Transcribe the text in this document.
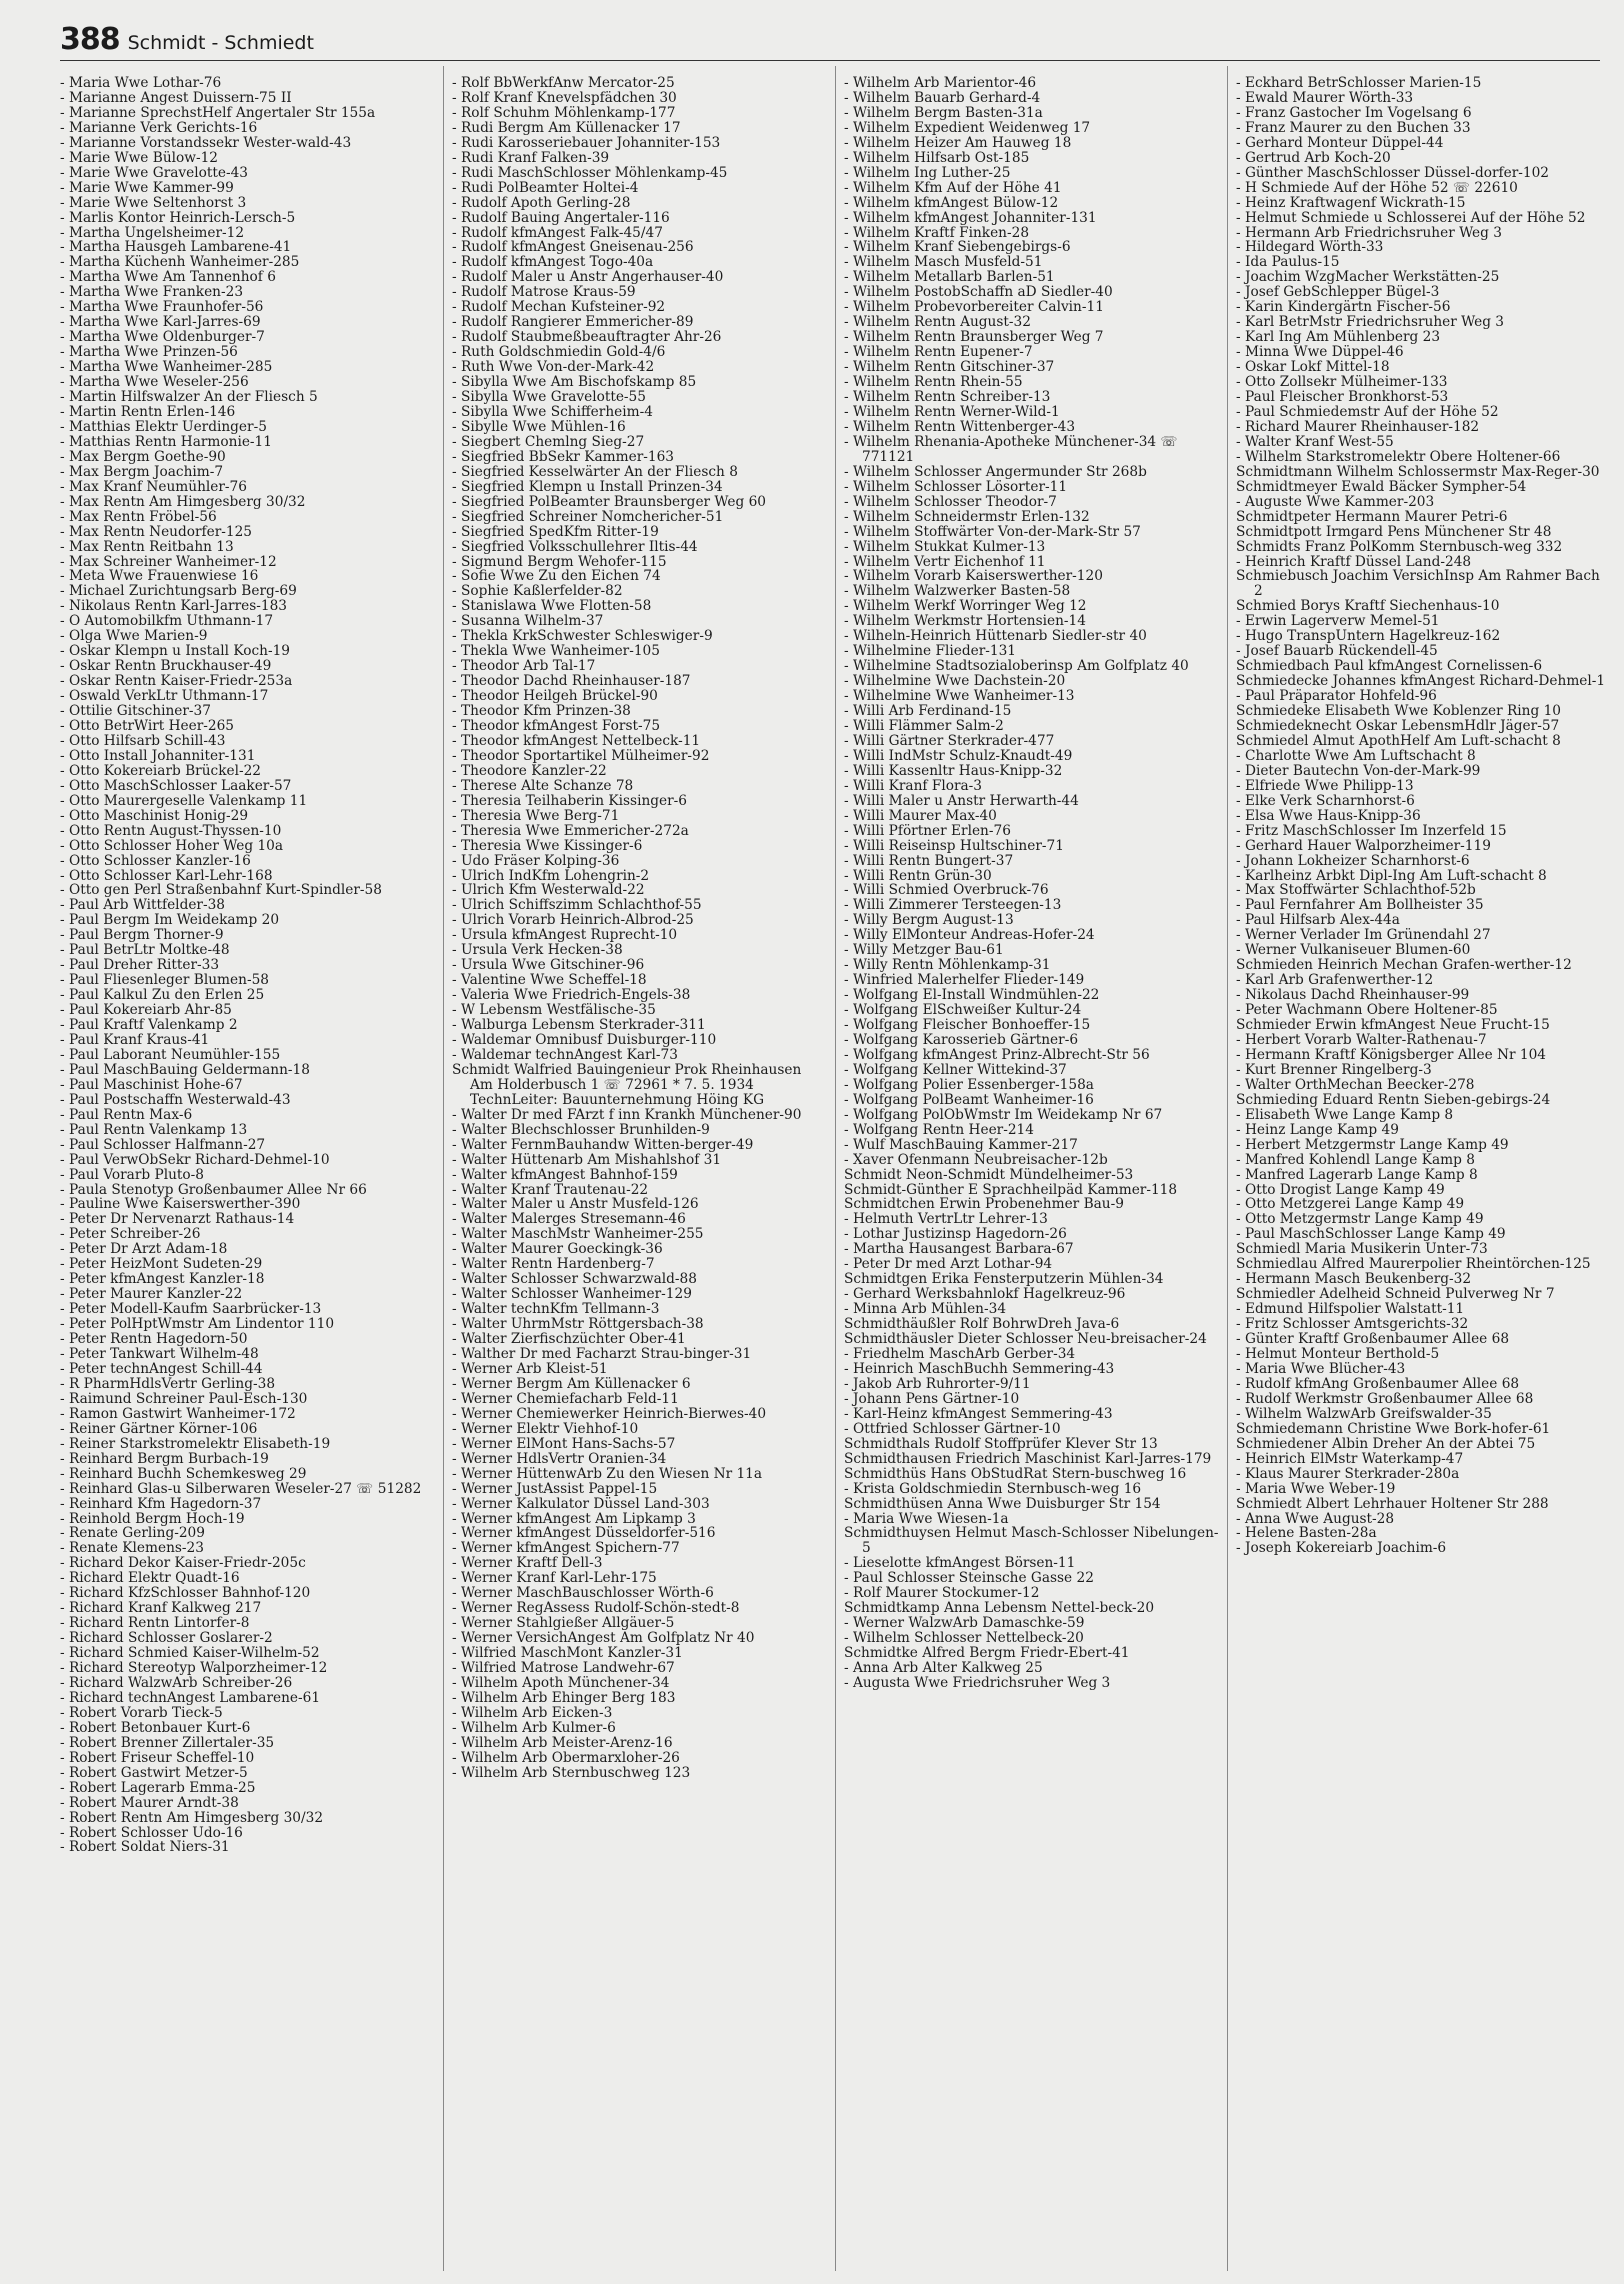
388 Schmidt - Schmiedt
- Maria Wwe Lothar-76
- Marianne Angest Duissern-75 II
- Marianne SprechstHelf Angertaler Str 155a
- Marianne Verk Gerichts-16
- Marianne Vorstandssekr Wester-wald-43
- Marie Wwe Bülow-12
- Marie Wwe Gravelotte-43
- Marie Wwe Kammer-99
- Marie Wwe Seltenhorst 3
- Marlis Kontor Heinrich-Lersch-5
- Martha Ungelsheimer-12
- Martha Hausgeh Lambarene-41
- Martha Küchenh Wanheimer-285
- Martha Wwe Am Tannenhof 6
- Martha Wwe Franken-23
- Martha Wwe Fraunhofer-56
- Martha Wwe Karl-Jarres-69
- Martha Wwe Oldenburger-7
- Martha Wwe Prinzen-56
- Martha Wwe Wanheimer-285
- Martha Wwe Weseler-256
- Martin Hilfswalzer An der Fliesch 5
- Martin Rentn Erlen-146
- Matthias Elektr Uerdinger-5
- Matthias Rentn Harmonie-11
- Max Bergm Goethe-90
- Max Bergm Joachim-7
- Max Kranf Neumühler-76
- Max Rentn Am Himgesberg 30/32
- Max Rentn Fröbel-56
- Max Rentn Neudorfer-125
- Max Rentn Reitbahn 13
- Max Schreiner Wanheimer-12
- Meta Wwe Frauenwiese 16
- Michael Zurichtungsarb Berg-69
- Nikolaus Rentn Karl-Jarres-183
- O Automobilkfm Uthmann-17
- Olga Wwe Marien-9
- Oskar Klempn u Install Koch-19
- Oskar Rentn Bruckhauser-49
- Oskar Rentn Kaiser-Friedr-253a
- Oswald VerkLtr Uthmann-17
- Ottilie Gitschiner-37
- Otto BetrWirt Heer-265
- Otto Hilfsarb Schill-43
- Otto Install Johanniter-131
- Otto Kokereiarb Brückel-22
- Otto MaschSchlosser Laaker-57
- Otto Maurergeselle Valenkamp 11
- Otto Maschinist Honig-29
- Otto Rentn August-Thyssen-10
- Otto Schlosser Hoher Weg 10a
- Otto Schlosser Kanzler-16
- Otto Schlosser Karl-Lehr-168
- Otto gen Perl Straßenbahnf Kurt-Spindler-58
- Paul Arb Wittfelder-38
- Paul Bergm Im Weidekamp 20
- Paul Bergm Thorner-9
- Paul BetrLtr Moltke-48
- Paul Dreher Ritter-33
- Paul Fliesenleger Blumen-58
- Paul Kalkul Zu den Erlen 25
- Paul Kokereiarb Ahr-85
- Paul Kraftf Valenkamp 2
- Paul Kranf Kraus-41
- Paul Laborant Neumühler-155
- Paul MaschBauing Geldermann-18
- Paul Maschinist Hohe-67
- Paul Postschaffn Westerwald-43
- Paul Rentn Max-6
- Paul Rentn Valenkamp 13
- Paul Schlosser Halfmann-27
- Paul VerwObSekr Richard-Dehmel-10
- Paul Vorarb Pluto-8
- Paula Stenotyp Großenbaumer Allee Nr 66
- Pauline Wwe Kaiserswerther-390
- Peter Dr Nervenarzt Rathaus-14
- Peter Schreiber-26
- Peter Dr Arzt Adam-18
- Peter HeizMont Sudeten-29
- Peter kfmAngest Kanzler-18
- Peter Maurer Kanzler-22
- Peter Modell-Kaufm Saarbrücker-13
- Peter PolHptWmstr Am Lindentor 110
- Peter Rentn Hagedorn-50
- Peter Tankwart Wilhelm-48
- Peter technAngest Schill-44
- R PharmHdlsVertr Gerling-38
- Raimund Schreiner Paul-Esch-130
- Ramon Gastwirt Wanheimer-172
- Reiner Gärtner Körner-106
- Reiner Starkstromelektr Elisabeth-19
- Reinhard Bergm Burbach-19
- Reinhard Buchh Schemkesweg 29
- Reinhard Glas-u Silberwaren Weseler-27 ☏ 51282
- Reinhard Kfm Hagedorn-37
- Reinhold Bergm Hoch-19
- Renate Gerling-209
- Renate Klemens-23
- Richard Dekor Kaiser-Friedr-205c
- Richard Elektr Quadt-16
- Richard KfzSchlosser Bahnhof-120
- Richard Kranf Kalkweg 217
- Richard Rentn Lintorfer-8
- Richard Schlosser Goslarer-2
- Richard Schmied Kaiser-Wilhelm-52
- Richard Stereotyp Walporzheimer-12
- Richard WalzwArb Schreiber-26
- Richard technAngest Lambarene-61
- Robert Vorarb Tieck-5
- Robert Betonbauer Kurt-6
- Robert Brenner Zillertaler-35
- Robert Friseur Scheffel-10
- Robert Gastwirt Metzer-5
- Robert Lagerarb Emma-25
- Robert Maurer Arndt-38
- Robert Rentn Am Himgesberg 30/32
- Robert Schlosser Udo-16
- Robert Soldat Niers-31
- Rolf BbWerkfAnw Mercator-25
- Rolf Kranf Knevelspfädchen 30
- Rolf Schuhm Möhlenkamp-177
- Rudi Bergm Am Küllenacker 17
- Rudi Karosseriebauer Johanniter-153
- Rudi Kranf Falken-39
- Rudi MaschSchlosser Möhlenkamp-45
- Rudi PolBeamter Holtei-4
- Rudolf Apoth Gerling-28
- Rudolf Bauing Angertaler-116
- Rudolf kfmAngest Falk-45/47
- Rudolf kfmAngest Gneisenau-256
- Rudolf kfmAngest Togo-40a
- Rudolf Maler u Anstr Angerhauser-40
- Rudolf Matrose Kraus-59
- Rudolf Mechan Kufsteiner-92
- Rudolf Rangierer Emmericher-89
- Rudolf Staubmeßbeauftragter Ahr-26
- Ruth Goldschmiedin Gold-4/6
- Ruth Wwe Von-der-Mark-42
- Sibylla Wwe Am Bischofskamp 85
- Sibylla Wwe Gravelotte-55
- Sibylla Wwe Schifferheim-4
- Sibylle Wwe Mühlen-16
- Siegbert Chemlng Sieg-27
- Siegfried BbSekr Kammer-163
- Siegfried Kesselwärter An der Fliesch 8
- Siegfried Klempn u Install Prinzen-34
- Siegfried PolBeamter Braunsberger Weg 60
- Siegfried Schreiner Nomchericher-51
- Siegfried SpedKfm Ritter-19
- Siegfried Volksschullehrer Iltis-44
- Sigmund Bergm Wehofer-115
- Sofie Wwe Zu den Eichen 74
- Sophie Kaßlerfelder-82
- Stanislawa Wwe Flotten-58
- Susanna Wilhelm-37
- Thekla KrkSchwester Schleswiger-9
- Thekla Wwe Wanheimer-105
- Theodor Arb Tal-17
- Theodor Dachd Rheinhauser-187
- Theodor Heilgeh Brückel-90
- Theodor Kfm Prinzen-38
- Theodor kfmAngest Forst-75
- Theodor kfmAngest Nettelbeck-11
- Theodor Sportartikel Mülheimer-92
- Theodore Kanzler-22
- Therese Alte Schanze 78
- Theresia Teilhaberin Kissinger-6
- Theresia Wwe Berg-71
- Theresia Wwe Emmericher-272a
- Theresia Wwe Kissinger-6
- Udo Fräser Kolping-36
- Ulrich IndKfm Lohengrin-2
- Ulrich Kfm Westerwald-22
- Ulrich Schiffszimm Schlachthof-55
- Ulrich Vorarb Heinrich-Albrod-25
- Ursula kfmAngest Ruprecht-10
- Ursula Verk Hecken-38
- Ursula Wwe Gitschiner-96
- Valentine Wwe Scheffel-18
- Valeria Wwe Friedrich-Engels-38
- W Lebensm Westfälische-35
- Walburga Lebensm Sterkrader-311
- Waldemar Omnibusf Duisburger-110
- Waldemar technAngest Karl-73
Schmidt Walfried Bauingenieur Prok Rheinhausen Am Holderbusch 1 ☏ 72961 * 7. 5. 1934 TechnLeiter: Bauunternehmung Höing KG
- Walter Dr med FArzt f inn Krankh Münchener-90
- Walter Blechschlosser Brunhilden-9
- Walter FernmBauhandw Witten-berger-49
- Walter Hüttenarb Am Mishahlshof 31
- Walter kfmAngest Bahnhof-159
- Walter Kranf Trautenau-22
- Walter Maler u Anstr Musfeld-126
- Walter Malerges Stresemann-46
- Walter MaschMstr Wanheimer-255
- Walter Maurer Goeckingk-36
- Walter Rentn Hardenberg-7
- Walter Schlosser Schwarzwald-88
- Walter Schlosser Wanheimer-129
- Walter technKfm Tellmann-3
- Walter UhrmMstr Röttgersbach-38
- Walter Zierfischzüchter Ober-41
- Walther Dr med Facharzt Strau-binger-31
- Werner Arb Kleist-51
- Werner Bergm Am Küllenacker 6
- Werner Chemiefacharb Feld-11
- Werner Chemiewerker Heinrich-Bierwes-40
- Werner Elektr Viehhof-10
- Werner ElMont Hans-Sachs-57
- Werner HdlsVertr Oranien-34
- Werner HüttenwArb Zu den Wiesen Nr 11a
- Werner JustAssist Pappel-15
- Werner Kalkulator Düssel Land-303
- Werner kfmAngest Am Lipkamp 3
- Werner kfmAngest Düsseldorfer-516
- Werner kfmAngest Spichern-77
- Werner Kraftf Dell-3
- Werner Kranf Karl-Lehr-175
- Werner MaschBauschlosser Wörth-6
- Werner RegAssess Rudolf-Schön-stedt-8
- Werner Stahlgießer Allgäuer-5
- Werner VersichAngest Am Golfplatz Nr 40
- Wilfried MaschMont Kanzler-31
- Wilfried Matrose Landwehr-67
- Wilhelm Apoth Münchener-34
- Wilhelm Arb Ehinger Berg 183
- Wilhelm Arb Eicken-3
- Wilhelm Arb Kulmer-6
- Wilhelm Arb Meister-Arenz-16
- Wilhelm Arb Obermarxloher-26
- Wilhelm Arb Sternbuschweg 123
- Wilhelm Arb Marientor-46
- Wilhelm Bauarb Gerhard-4
- Wilhelm Bergm Basten-31a
- Wilhelm Expedient Weidenweg 17
- Wilhelm Heizer Am Hauweg 18
- Wilhelm Hilfsarb Ost-185
- Wilhelm Ing Luther-25
- Wilhelm Kfm Auf der Höhe 41
- Wilhelm kfmAngest Bülow-12
- Wilhelm kfmAngest Johanniter-131
- Wilhelm Kraftf Finken-28
- Wilhelm Kranf Siebengebirgs-6
- Wilhelm Masch Musfeld-51
- Wilhelm Metallarb Barlen-51
- Wilhelm PostobSchaffn aD Siedler-40
- Wilhelm Probevorbereiter Calvin-11
- Wilhelm Rentn August-32
- Wilhelm Rentn Braunsberger Weg 7
- Wilhelm Rentn Eupener-7
- Wilhelm Rentn Gitschiner-37
- Wilhelm Rentn Rhein-55
- Wilhelm Rentn Schreiber-13
- Wilhelm Rentn Werner-Wild-1
- Wilhelm Rentn Wittenberger-43
- Wilhelm Rhenania-Apotheke Münchener-34 ☏ 771121
- Wilhelm Schlosser Angermunder Str 268b
- Wilhelm Schlosser Lösorter-11
- Wilhelm Schlosser Theodor-7
- Wilhelm Schneidermstr Erlen-132
- Wilhelm Stoffwärter Von-der-Mark-Str 57
- Wilhelm Stukkat Kulmer-13
- Wilhelm Vertr Eichenhof 11
- Wilhelm Vorarb Kaiserswerther-120
- Wilhelm Walzwerker Basten-58
- Wilhelm Werkf Worringer Weg 12
- Wilhelm Werkmstr Hortensien-14
- Wilheln-Heinrich Hüttenarb Siedler-str 40
- Wilhelmine Flieder-131
- Wilhelmine Stadtsozialoberinsp Am Golfplatz 40
- Wilhelmine Wwe Dachstein-20
- Wilhelmine Wwe Wanheimer-13
- Willi Arb Ferdinand-15
- Willi Flämmer Salm-2
- Willi Gärtner Sterkrader-477
- Willi IndMstr Schulz-Knaudt-49
- Willi Kassenltr Haus-Knipp-32
- Willi Kranf Flora-3
- Willi Maler u Anstr Herwarth-44
- Willi Maurer Max-40
- Willi Pförtner Erlen-76
- Willi Reiseinsp Hultschiner-71
- Willi Rentn Bungert-37
- Willi Rentn Grün-30
- Willi Schmied Overbruck-76
- Willi Zimmerer Tersteegen-13
- Willy Bergm August-13
- Willy ElMonteur Andreas-Hofer-24
- Willy Metzger Bau-61
- Willy Rentn Möhlenkamp-31
- Winfried Malerhelfer Flieder-149
- Wolfgang El-Install Windmühlen-22
- Wolfgang ElSchweißer Kultur-24
- Wolfgang Fleischer Bonhoeffer-15
- Wolfgang Karosserieb Gärtner-6
- Wolfgang kfmAngest Prinz-Albrecht-Str 56
- Wolfgang Kellner Wittekind-37
- Wolfgang Polier Essenberger-158a
- Wolfgang PolBeamt Wanheimer-16
- Wolfgang PolObWmstr Im Weidekamp Nr 67
- Wolfgang Rentn Heer-214
- Wulf MaschBauing Kammer-217
- Xaver Ofenmann Neubreisacher-12b
Schmidt Neon-Schmidt Mündelheimer-53
Schmidt-Günther E Sprachheilpäd Kammer-118
Schmidtchen Erwin Probenehmer Bau-9
- Helmuth VertrLtr Lehrer-13
- Lothar Justizinsp Hagedorn-26
- Martha Hausangest Barbara-67
- Peter Dr med Arzt Lothar-94
Schmidtgen Erika Fensterputzerin Mühlen-34
- Gerhard Werksbahnlokf Hagelkreuz-96
- Minna Arb Mühlen-34
Schmidthäußler Rolf BohrwDreh Java-6
Schmidthäusler Dieter Schlosser Neu-breisacher-24
- Friedhelm MaschArb Gerber-34
- Heinrich MaschBuchh Semmering-43
- Jakob Arb Ruhrorter-9/11
- Johann Pens Gärtner-10
- Karl-Heinz kfmAngest Semmering-43
- Ottfried Schlosser Gärtner-10
Schmidthals Rudolf Stoffprüfer Klever Str 13
Schmidthausen Friedrich Maschinist Karl-Jarres-179
Schmidthüs Hans ObStudRat Stern-buschweg 16
- Krista Goldschmiedin Sternbusch-weg 16
Schmidthüsen Anna Wwe Duisburger Str 154
- Maria Wwe Wiesen-1a
Schmidthuysen Helmut Masch-Schlosser Nibelungen-5
- Lieselotte kfmAngest Börsen-11
- Paul Schlosser Steinsche Gasse 22
- Rolf Maurer Stockumer-12
Schmidtkamp Anna Lebensm Nettel-beck-20
- Werner WalzwArb Damaschke-59
- Wilhelm Schlosser Nettelbeck-20
Schmidtke Alfred Bergm Friedr-Ebert-41
- Anna Arb Alter Kalkweg 25
- Augusta Wwe Friedrichsruher Weg 3
- Eckhard BetrSchlosser Marien-15
- Ewald Maurer Wörth-33
- Franz Gastocher Im Vogelsang 6
- Franz Maurer zu den Buchen 33
- Gerhard Monteur Düppel-44
- Gertrud Arb Koch-20
- Günther MaschSchlosser Düssel-dorfer-102
- H Schmiede Auf der Höhe 52 ☏ 22610
- Heinz Kraftwagenf Wickrath-15
- Helmut Schmiede u Schlosserei Auf der Höhe 52
- Hermann Arb Friedrichsruher Weg 3
- Hildegard Wörth-33
- Ida Paulus-15
- Joachim WzgMacher Werkstätten-25
- Josef GebSchlepper Bügel-3
- Karin Kindergärtn Fischer-56
- Karl BetrMstr Friedrichsruher Weg 3
- Karl Ing Am Mühlenberg 23
- Minna Wwe Düppel-46
- Oskar Lokf Mittel-18
- Otto Zollsekr Mülheimer-133
- Paul Fleischer Bronkhorst-53
- Paul Schmiedemstr Auf der Höhe 52
- Richard Maurer Rheinhauser-182
- Walter Kranf West-55
- Wilhelm Starkstromelektr Obere Holtener-66
Schmidtmann Wilhelm Schlossermstr Max-Reger-30
Schmidtmeyer Ewald Bäcker Sympher-54
- Auguste Wwe Kammer-203
Schmidtpeter Hermann Maurer Petri-6
Schmidtpott Irmgard Pens Münchener Str 48
Schmidts Franz PolKomm Sternbusch-weg 332
- Heinrich Kraftf Düssel Land-248
Schmiebusch Joachim VersichInsp Am Rahmer Bach 2
Schmied Borys Kraftf Siechenhaus-10
- Erwin Lagerverw Memel-51
- Hugo TranspUntern Hagelkreuz-162
- Josef Bauarb Rückendell-45
Schmiedbach Paul kfmAngest Cornelissen-6
Schmiedecke Johannes kfmAngest Richard-Dehmel-1
- Paul Präparator Hohfeld-96
Schmiedeke Elisabeth Wwe Koblenzer Ring 10
Schmiedeknecht Oskar LebensmHdlr Jäger-57
Schmiedel Almut ApothHelf Am Luft-schacht 8
- Charlotte Wwe Am Luftschacht 8
- Dieter Bautechn Von-der-Mark-99
- Elfriede Wwe Philipp-13
- Elke Verk Scharnhorst-6
- Elsa Wwe Haus-Knipp-36
- Fritz MaschSchlosser Im Inzerfeld 15
- Gerhard Hauer Walporzheimer-119
- Johann Lokheizer Scharnhorst-6
- Karlheinz Arbkt Dipl-Ing Am Luft-schacht 8
- Max Stoffwärter Schlachthof-52b
- Paul Fernfahrer Am Bollheister 35
- Paul Hilfsarb Alex-44a
- Werner Verlader Im Grünendahl 27
- Werner Vulkaniseuer Blumen-60
Schmieden Heinrich Mechan Grafen-werther-12
- Karl Arb Grafenwerther-12
- Nikolaus Dachd Rheinhauser-99
- Peter Wachmann Obere Holtener-85
Schmieder Erwin kfmAngest Neue Frucht-15
- Herbert Vorarb Walter-Rathenau-7
- Hermann Kraftf Königsberger Allee Nr 104
- Kurt Brenner Ringelberg-3
- Walter OrthMechan Beecker-278
Schmieding Eduard Rentn Sieben-gebirgs-24
- Elisabeth Wwe Lange Kamp 8
- Heinz Lange Kamp 49
- Herbert Metzgermstr Lange Kamp 49
- Manfred Kohlendl Lange Kamp 8
- Manfred Lagerarb Lange Kamp 8
- Otto Drogist Lange Kamp 49
- Otto Metzgerei Lange Kamp 49
- Otto Metzgermstr Lange Kamp 49
- Paul MaschSchlosser Lange Kamp 49
Schmiedl Maria Musikerin Unter-73
Schmiedlau Alfred Maurerpolier Rheintörchen-125
- Hermann Masch Beukenberg-32
Schmiedler Adelheid Schneid Pulverweg Nr 7
- Edmund Hilfspolier Walstatt-11
- Fritz Schlosser Amtsgerichts-32
- Günter Kraftf Großenbaumer Allee 68
- Helmut Monteur Berthold-5
- Maria Wwe Blücher-43
- Rudolf kfmAng Großenbaumer Allee 68
- Rudolf Werkmstr Großenbaumer Allee 68
- Wilhelm WalzwArb Greifswalder-35
Schmiedemann Christine Wwe Bork-hofer-61
Schmiedener Albin Dreher An der Abtei 75
- Heinrich ElMstr Waterkamp-47
- Klaus Maurer Sterkrader-280a
- Maria Wwe Weber-19
Schmiedt Albert Lehrhauer Holtener Str 288
- Anna Wwe August-28
- Helene Basten-28a
- Joseph Kokereiarb Joachim-6
